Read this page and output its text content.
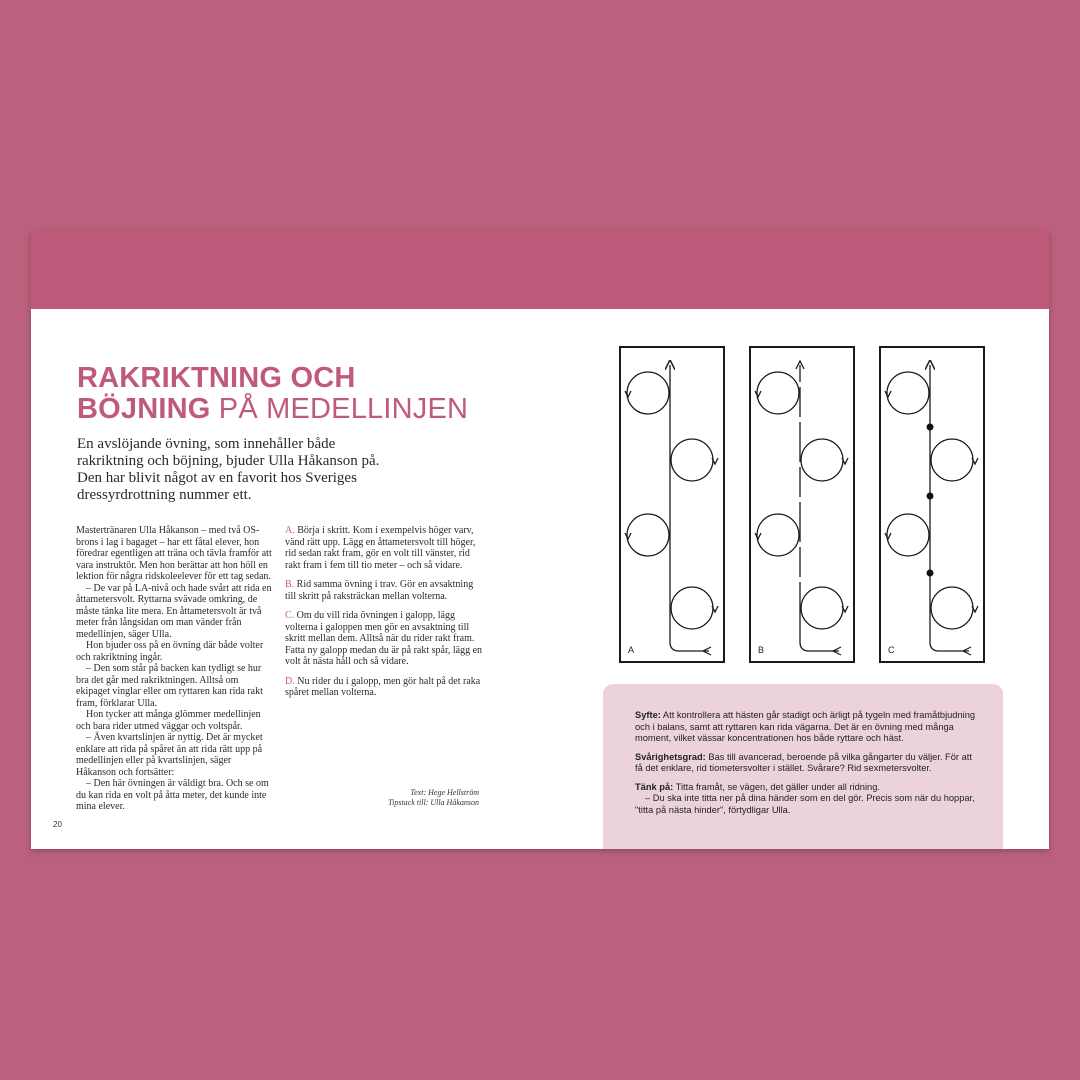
RAKRIKTNING OCH
BÖJNING PÅ MEDELLINJEN

En avslöjande övning, som innehåller både rakriktning och böjning, bjuder Ulla Håkanson på. Den har blivit något av en favorit hos Sveriges dressyrdrottning nummer ett.

Mastertränaren Ulla Håkanson – med två OS-brons i lag i bagaget – har ett fåtal elever, hon föredrar egentligen att träna och tävla framför att vara instruktör. Men hon berättar att hon höll en lektion för några ridskoleelever för ett tag sedan.

– De var på LA-nivå och hade svårt att rida en åttametersvolt. Ryttarna svävade omkring, de måste tänka lite mera. En åttametersvolt är två meter från långsidan om man vänder från medellinjen, säger Ulla.

Hon bjuder oss på en övning där både volter och rakriktning ingår.

– Den som står på backen kan tydligt se hur bra det går med rakriktningen. Alltså om ekipaget vinglar eller om ryttaren kan rida rakt fram, förklarar Ulla.

Hon tycker att många glömmer medellinjen och bara rider utmed väggar och voltspår.

– Även kvartslinjen är nyttig. Det är mycket enklare att rida på spåret än att rida rätt upp på medellinjen eller på kvartslinjen, säger Håkanson och fortsätter:

– Den här övningen är väldigt bra. Och se om du kan rida en volt på åtta meter, det kunde inte mina elever.

A. Börja i skritt. Kom i exempelvis höger varv, vänd rätt upp. Lägg en åttametersvolt till höger, rid sedan rakt fram, gör en volt till vänster, rid rakt fram i fem till tio meter – och så vidare.

B. Rid samma övning i trav. Gör en avsaktning till skritt på raksträckan mellan volterna.

C. Om du vill rida övningen i galopp, lägg volterna i galoppen men gör en avsaktning till skritt mellan dem. Alltså när du rider rakt fram. Fatta ny galopp medan du är på rakt spår, lägg en volt åt nästa håll och så vidare.

D. Nu rider du i galopp, men gör halt på det raka spåret mellan volterna.

Text: Hege Hellström
Tipstack till: Ulla Håkanson
20
A	B	C

Syfte: Att kontrollera att hästen går stadigt och ärligt på tygeln med framåtbjudning och i balans, samt att ryttaren kan rida vägarna. Det är en övning med många moment, vilket vässar koncentrationen hos både ryttare och häst.

Svårighetsgrad: Bas till avancerad, beroende på vilka gångarter du väljer. För att få det enklare, rid tiometersvolter i stället. Svårare? Rid sexmetersvolter.

Tänk på: Titta framåt, se vägen, det gäller under all ridning.
– Du ska inte titta ner på dina händer som en del gör. Precis som när du hoppar, "titta på nästa hinder", förtydligar Ulla.
